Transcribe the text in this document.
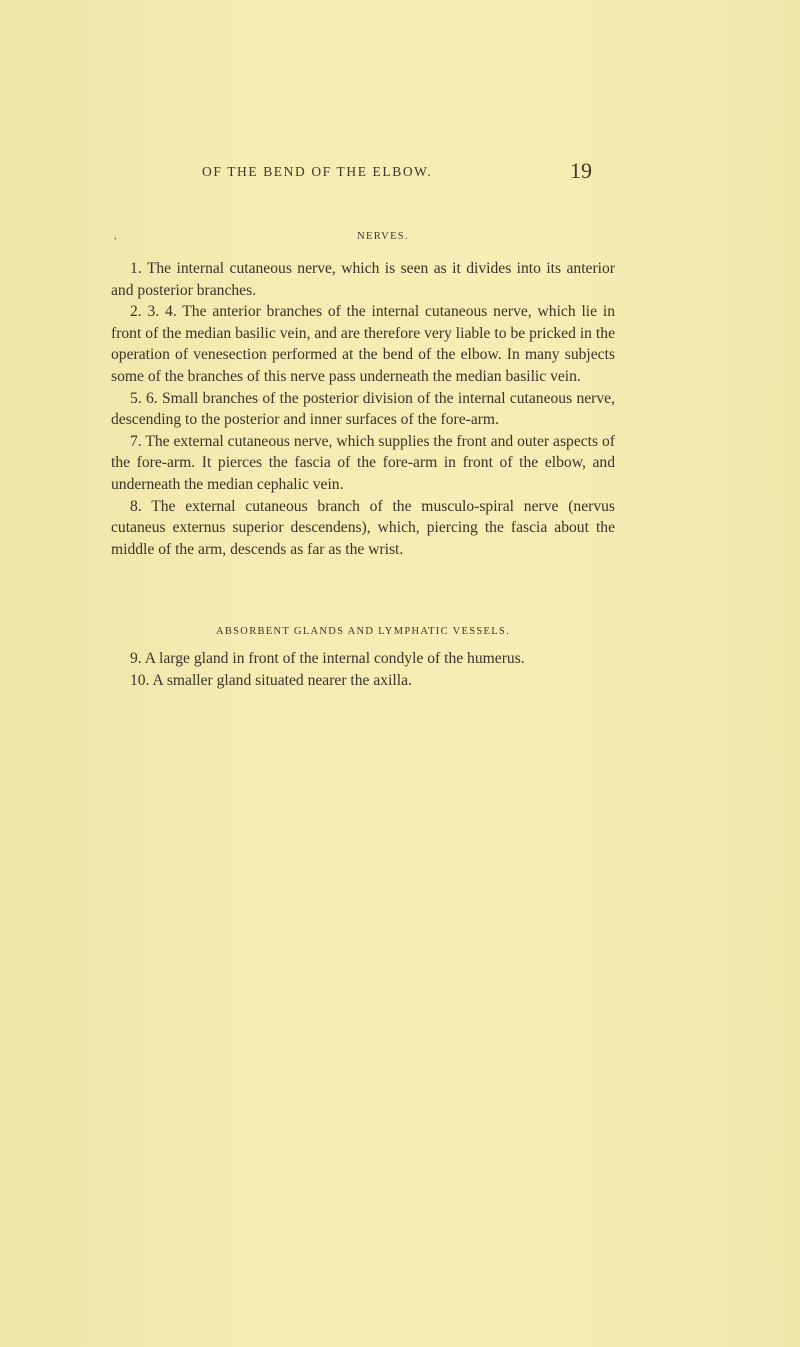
OF THE BEND OF THE ELBOW.	19
❜	NERVES.

1. The internal cutaneous nerve, which is seen as it divides into its anterior and posterior branches.

2. 3. 4. The anterior branches of the internal cutaneous nerve, which lie in front of the median basilic vein, and are therefore very liable to be pricked in the operation of venesection performed at the bend of the elbow. In many subjects some of the branches of this nerve pass underneath the median basilic vein.

5. 6. Small branches of the posterior division of the internal cutaneous nerve, descending to the posterior and inner surfaces of the fore-arm.

7. The external cutaneous nerve, which supplies the front and outer aspects of the fore-arm. It pierces the fascia of the fore-arm in front of the elbow, and underneath the median cephalic vein.

8. The external cutaneous branch of the musculo-spiral nerve (nervus cutaneus externus superior descendens), which, piercing the fascia about the middle of the arm, descends as far as the wrist.

ABSORBENT GLANDS AND LYMPHATIC VESSELS.

9. A large gland in front of the internal condyle of the humerus.

10. A smaller gland situated nearer the axilla.
